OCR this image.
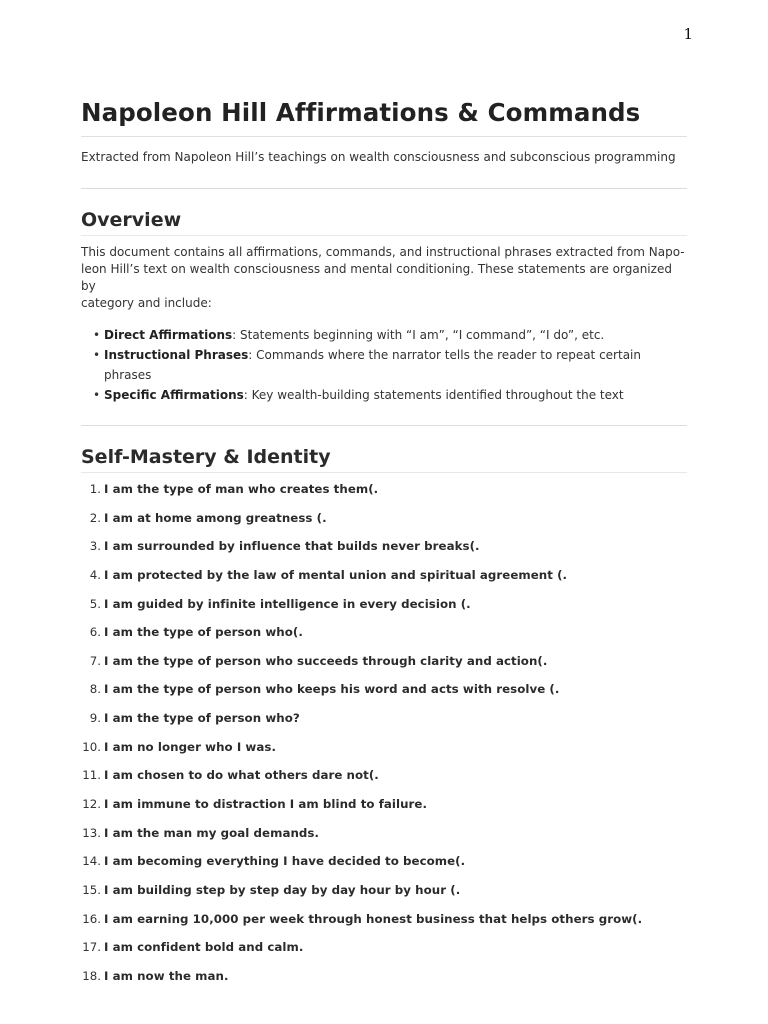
1
Napoleon Hill Affirmations & Commands

Extracted from Napoleon Hill’s teachings on wealth consciousness and subconscious programming

Overview

This document contains all affirmations, commands, and instructional phrases extracted from Napo-
leon Hill’s text on wealth consciousness and mental conditioning. These statements are organized by
category and include:

• Direct Affirmations: Statements beginning with “I am”, “I command”, “I do”, etc.
• Instructional Phrases: Commands where the narrator tells the reader to repeat certain phrases
• Specific Affirmations: Key wealth-building statements identified throughout the text
Self-Mastery & Identity
1. I am the type of man who creates them(.
2. I am at home among greatness (.
3. I am surrounded by influence that builds never breaks(.
4. I am protected by the law of mental union and spiritual agreement (.
5. I am guided by infinite intelligence in every decision (.
6. I am the type of person who(.
7. I am the type of person who succeeds through clarity and action(.
8. I am the type of person who keeps his word and acts with resolve (.
9. I am the type of person who?
10. I am no longer who I was.
11. I am chosen to do what others dare not(.
12. I am immune to distraction I am blind to failure.
13. I am the man my goal demands.
14. I am becoming everything I have decided to become(.
15. I am building step by step day by day hour by hour (.
16. I am earning 10,000 per week through honest business that helps others grow(.
17. I am confident bold and calm.
18. I am now the man.
